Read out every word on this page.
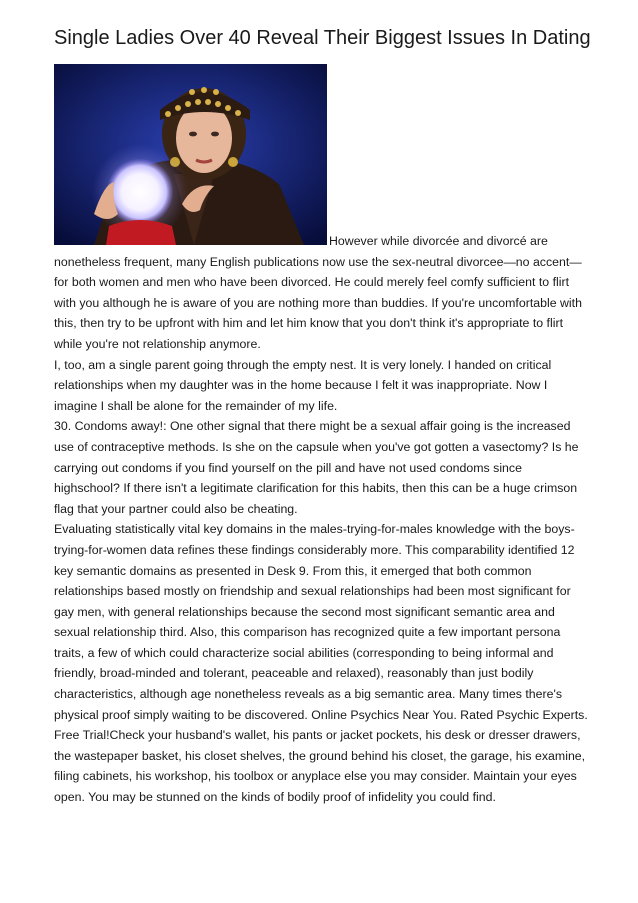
Single Ladies Over 40 Reveal Their Biggest Issues In Dating

However while divorcée and divorcé are nonetheless frequent, many English publications now use the sex-neutral divorcee—no accent—for both women and men who have been divorced. He could merely feel comfy sufficient to flirt with you although he is aware of you are nothing more than buddies. If you're uncomfortable with this, then try to be upfront with him and let him know that you don't think it's appropriate to flirt while you're not relationship anymore.

I, too, am a single parent going through the empty nest. It is very lonely. I handed on critical relationships when my daughter was in the home because I felt it was inappropriate. Now I imagine I shall be alone for the remainder of my life.

30. Condoms away!: One other signal that there might be a sexual affair going is the increased use of contraceptive methods. Is she on the capsule when you've got gotten a vasectomy? Is he carrying out condoms if you find yourself on the pill and have not used condoms since highschool? If there isn't a legitimate clarification for this habits, then this can be a huge crimson flag that your partner could also be cheating.

Evaluating statistically vital key domains in the males-trying-for-males knowledge with the boys-trying-for-women data refines these findings considerably more. This comparability identified 12 key semantic domains as presented in Desk 9. From this, it emerged that both common relationships based mostly on friendship and sexual relationships had been most significant for gay men, with general relationships because the second most significant semantic area and sexual relationship third. Also, this comparison has recognized quite a few important persona traits, a few of which could characterize social abilities (corresponding to being informal and friendly, broad-minded and tolerant, peaceable and relaxed), reasonably than just bodily characteristics, although age nonetheless reveals as a big semantic area. Many times there's physical proof simply waiting to be discovered. Online Psychics Near You. Rated Psychic Experts. Free Trial!Check your husband's wallet, his pants or jacket pockets, his desk or dresser drawers, the wastepaper basket, his closet shelves, the ground behind his closet, the garage, his examine, filing cabinets, his workshop, his toolbox or anyplace else you may consider. Maintain your eyes open. You may be stunned on the kinds of bodily proof of infidelity you could find.
